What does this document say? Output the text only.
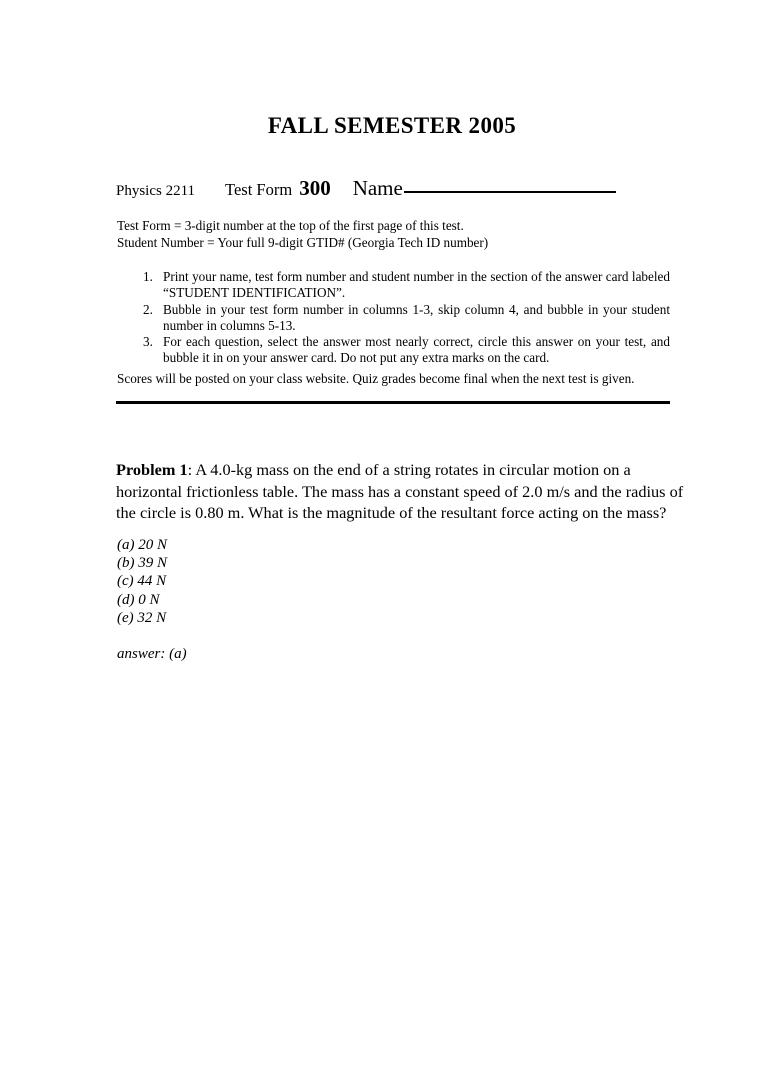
FALL SEMESTER 2005
Physics 2211 Test Form 300 Name
Test Form = 3-digit number at the top of the first page of this test.
Student Number = Your full 9-digit GTID# (Georgia Tech ID number)
1. Print your name, test form number and student number in the section of the answer card labeled “STUDENT IDENTIFICATION”.
2. Bubble in your test form number in columns 1-3, skip column 4, and bubble in your student number in columns 5-13.
3. For each question, select the answer most nearly correct, circle this answer on your test, and bubble it in on your answer card. Do not put any extra marks on the card.
Scores will be posted on your class website. Quiz grades become final when the next test is given.
Problem 1: A 4.0-kg mass on the end of a string rotates in circular motion on a horizontal frictionless table. The mass has a constant speed of 2.0 m/s and the radius of the circle is 0.80 m. What is the magnitude of the resultant force acting on the mass?
(a) 20 N
(b) 39 N
(c) 44 N
(d) 0 N
(e) 32 N
answer: (a)
